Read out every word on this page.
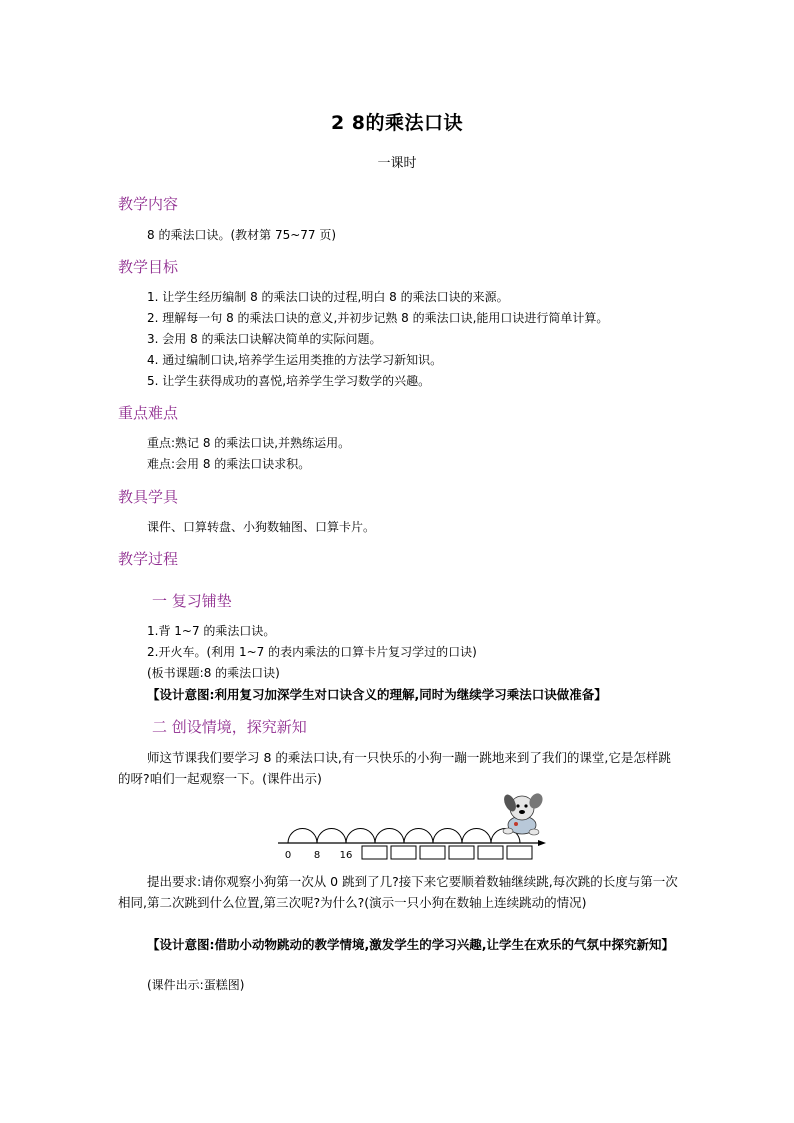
2 8的乘法口诀
一课时
教学内容
8 的乘法口诀。(教材第 75~77 页)
教学目标
1. 让学生经历编制 8 的乘法口诀的过程,明白 8 的乘法口诀的来源。
2. 理解每一句 8 的乘法口诀的意义,并初步记熟 8 的乘法口诀,能用口诀进行简单计算。
3. 会用 8 的乘法口诀解决简单的实际问题。
4. 通过编制口诀,培养学生运用类推的方法学习新知识。
5. 让学生获得成功的喜悦,培养学生学习数学的兴趣。
重点难点
重点:熟记 8 的乘法口诀,并熟练运用。
难点:会用 8 的乘法口诀求积。
教具学具
课件、口算转盘、小狗数轴图、口算卡片。
教学过程
一 复习铺垫
1.背 1~7 的乘法口诀。
2.开火车。(利用 1~7 的表内乘法的口算卡片复习学过的口诀)
(板书课题:8 的乘法口诀)
【设计意图:利用复习加深学生对口诀含义的理解,同时为继续学习乘法口诀做准备】
二 创设情境，探究新知
师这节课我们要学习 8 的乘法口诀,有一只快乐的小狗一蹦一跳地来到了我们的课堂,它是怎样跳的呀?咱们一起观察一下。(课件出示)
0 8 16
提出要求:请你观察小狗第一次从 0 跳到了几?接下来它要顺着数轴继续跳,每次跳的长度与第一次相同,第二次跳到什么位置,第三次呢?为什么?(演示一只小狗在数轴上连续跳动的情况)
【设计意图:借助小动物跳动的教学情境,激发学生的学习兴趣,让学生在欢乐的气氛中探究新知】
(课件出示:蛋糕图)
